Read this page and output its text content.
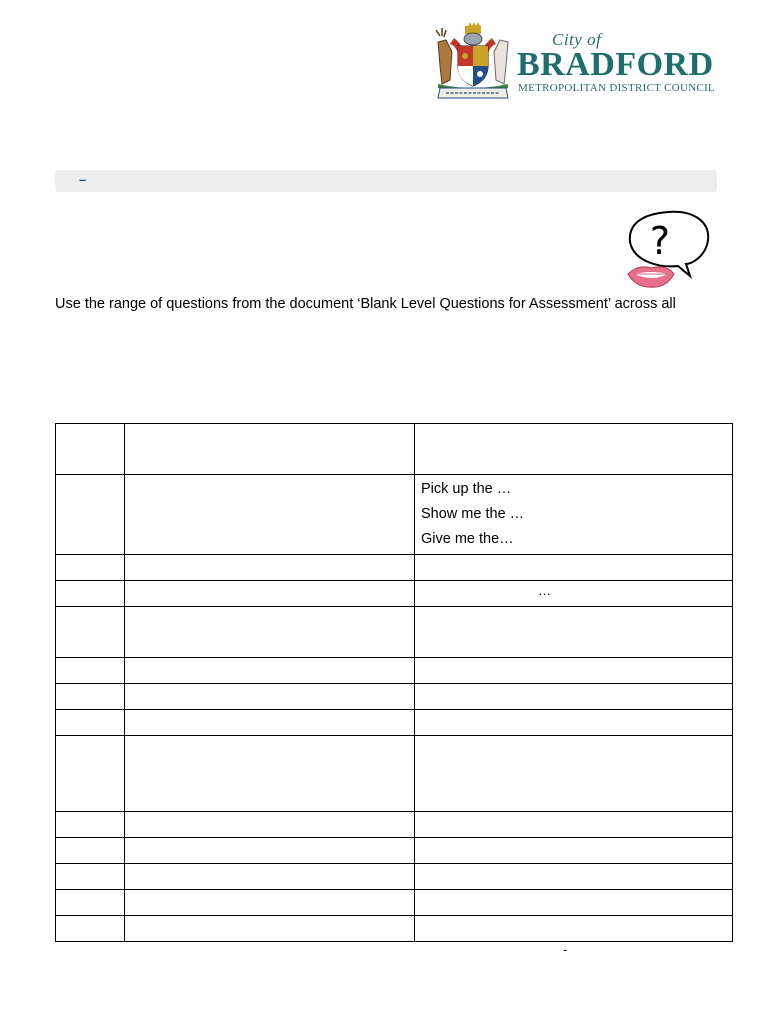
City of
BRADFORD
METROPOLITAN DISTRICT COUNCIL
–
?
Use the range of questions from the document ‘Blank Level Questions for Assessment’ across all

		Pick up the …
Show me the …
Give me the…

		…

-
